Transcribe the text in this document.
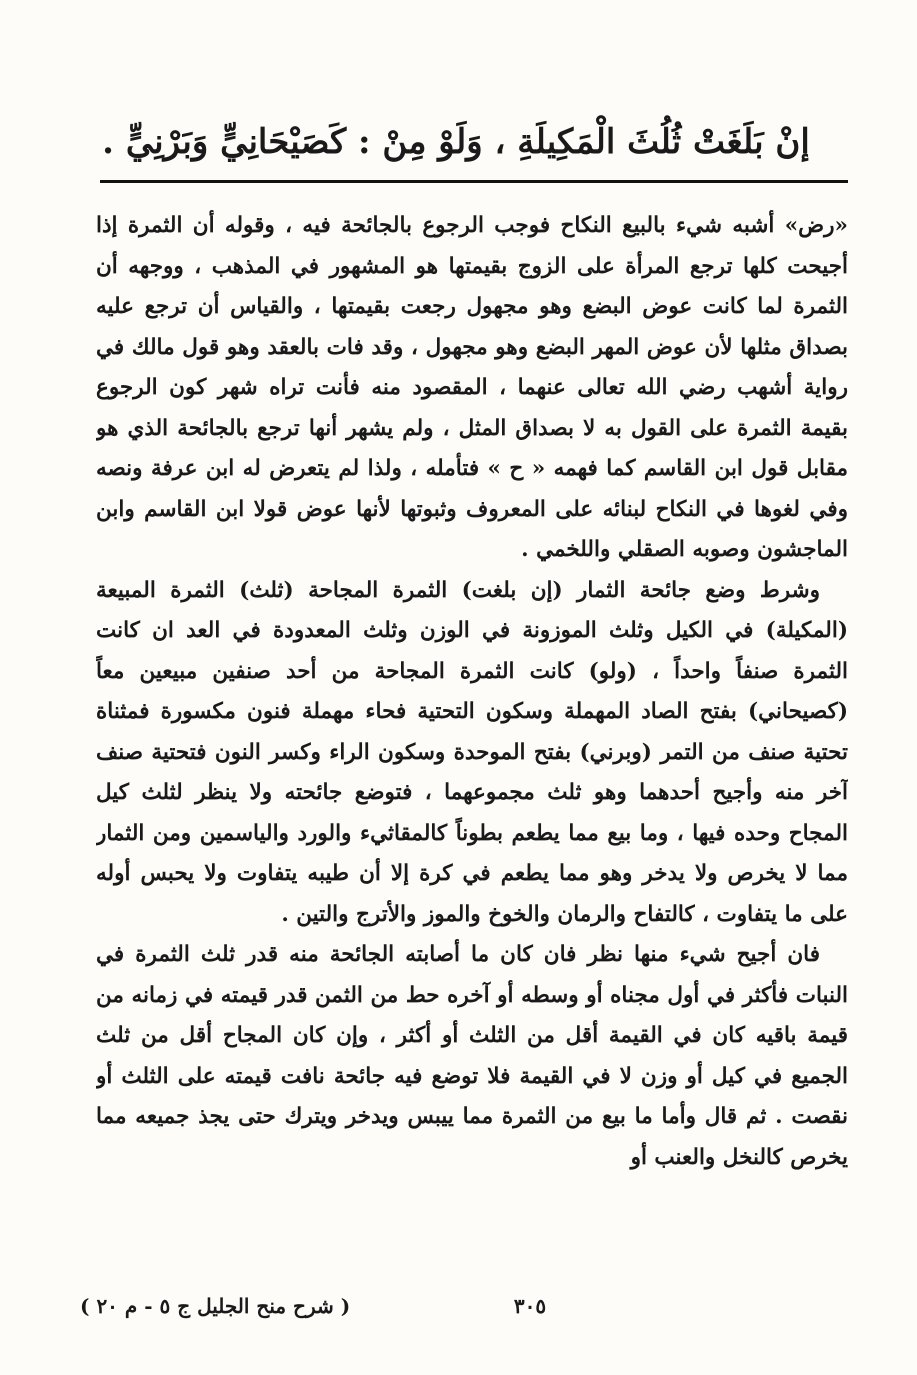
إنْ بَلَغَتْ ثُلُثَ الْمَكِيلَةِ ، وَلَوْ مِنْ : كَصَيْحَانِيٍّ وَبَرْنِيٍّ .

«رض» أشبه شيء بالبيع النكاح فوجب الرجوع بالجائحة فيه ، وقوله أن الثمرة إذا أجيحت كلها ترجع المرأة على الزوج بقيمتها هو المشهور في المذهب ، ووجهه أن الثمرة لما كانت عوض البضع وهو مجهول رجعت بقيمتها ، والقياس أن ترجع عليه بصداق مثلها لأن عوض المهر البضع وهو مجهول ، وقد فات بالعقد وهو قول مالك في رواية أشهب رضي الله تعالى عنهما ، المقصود منه فأنت تراه شهر كون الرجوع بقيمة الثمرة على القول به لا بصداق المثل ، ولم يشهر أنها ترجع بالجائحة الذي هو مقابل قول ابن القاسم كما فهمه « ح » فتأمله ، ولذا لم يتعرض له ابن عرفة ونصه وفي لغوها في النكاح لبنائه على المعروف وثبوتها لأنها عوض قولا ابن القاسم وابن الماجشون وصوبه الصقلي واللخمي .

وشرط وضع جائحة الثمار (إن بلغت) الثمرة المجاحة (ثلث) الثمرة المبيعة (المكيلة) في الكيل وثلث الموزونة في الوزن وثلث المعدودة في العد ان كانت الثمرة صنفاً واحداً ، (ولو) كانت الثمرة المجاحة من أحد صنفين مبيعين معاً (كصيحاني) بفتح الصاد المهملة وسكون التحتية فحاء مهملة فنون مكسورة فمثناة تحتية صنف من التمر (وبرني) بفتح الموحدة وسكون الراء وكسر النون فتحتية صنف آخر منه وأجيح أحدهما وهو ثلث مجموعهما ، فتوضع جائحته ولا ينظر لثلث كيل المجاح وحده فيها ، وما بيع مما يطعم بطوناً كالمقاثيء والورد والياسمين ومن الثمار مما لا يخرص ولا يدخر وهو مما يطعم في كرة إلا أن طيبه يتفاوت ولا يحبس أوله على ما يتفاوت ، كالتفاح والرمان والخوخ والموز والأترج والتين .

فان أجيح شيء منها نظر فان كان ما أصابته الجائحة منه قدر ثلث الثمرة في النبات فأكثر في أول مجناه أو وسطه أو آخره حط من الثمن قدر قيمته في زمانه من قيمة باقيه كان في القيمة أقل من الثلث أو أكثر ، وإن كان المجاح أقل من ثلث الجميع في كيل أو وزن لا في القيمة فلا توضع فيه جائحة نافت قيمته على الثلث أو نقصت . ثم قال وأما ما بيع من الثمرة مما ييبس ويدخر ويترك حتى يجذ جميعه مما يخرص كالنخل والعنب أو

٣٠٥
( شرح منح الجليل ج ٥ - م ٢٠ )
